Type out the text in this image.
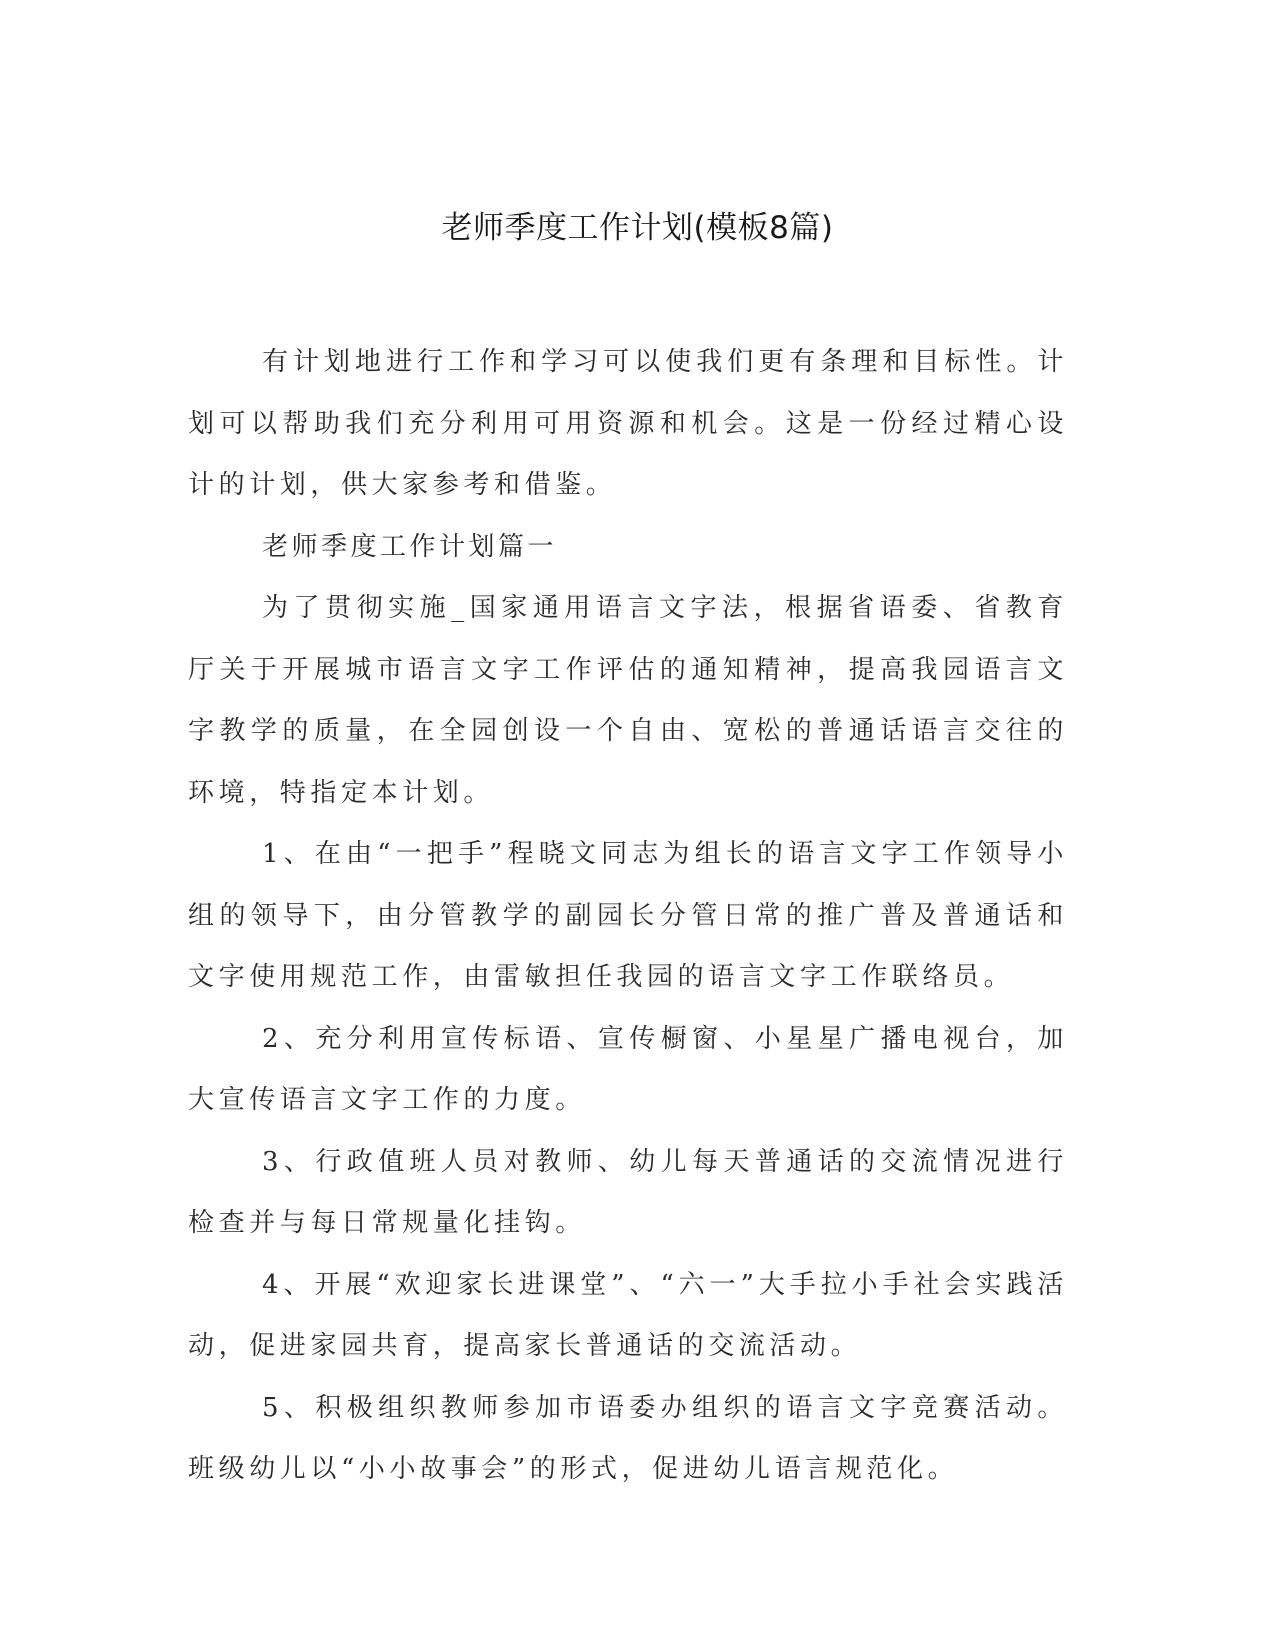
老师季度工作计划(模板8篇)

有计划地进行工作和学习可以使我们更有条理和目标性。计划可以帮助我们充分利用可用资源和机会。这是一份经过精心设计的计划，供大家参考和借鉴。

老师季度工作计划篇一

为了贯彻实施_国家通用语言文字法，根据省语委、省教育厅关于开展城市语言文字工作评估的通知精神，提高我园语言文字教学的质量，在全园创设一个自由、宽松的普通话语言交往的环境，特指定本计划。

1、在由“一把手”程晓文同志为组长的语言文字工作领导小组的领导下，由分管教学的副园长分管日常的推广普及普通话和文字使用规范工作，由雷敏担任我园的语言文字工作联络员。

2、充分利用宣传标语、宣传橱窗、小星星广播电视台，加大宣传语言文字工作的力度。

3、行政值班人员对教师、幼儿每天普通话的交流情况进行检查并与每日常规量化挂钩。

4、开展“欢迎家长进课堂”、“六一”大手拉小手社会实践活动，促进家园共育，提高家长普通话的交流活动。

5、积极组织教师参加市语委办组织的语言文字竞赛活动。班级幼儿以“小小故事会”的形式，促进幼儿语言规范化。
